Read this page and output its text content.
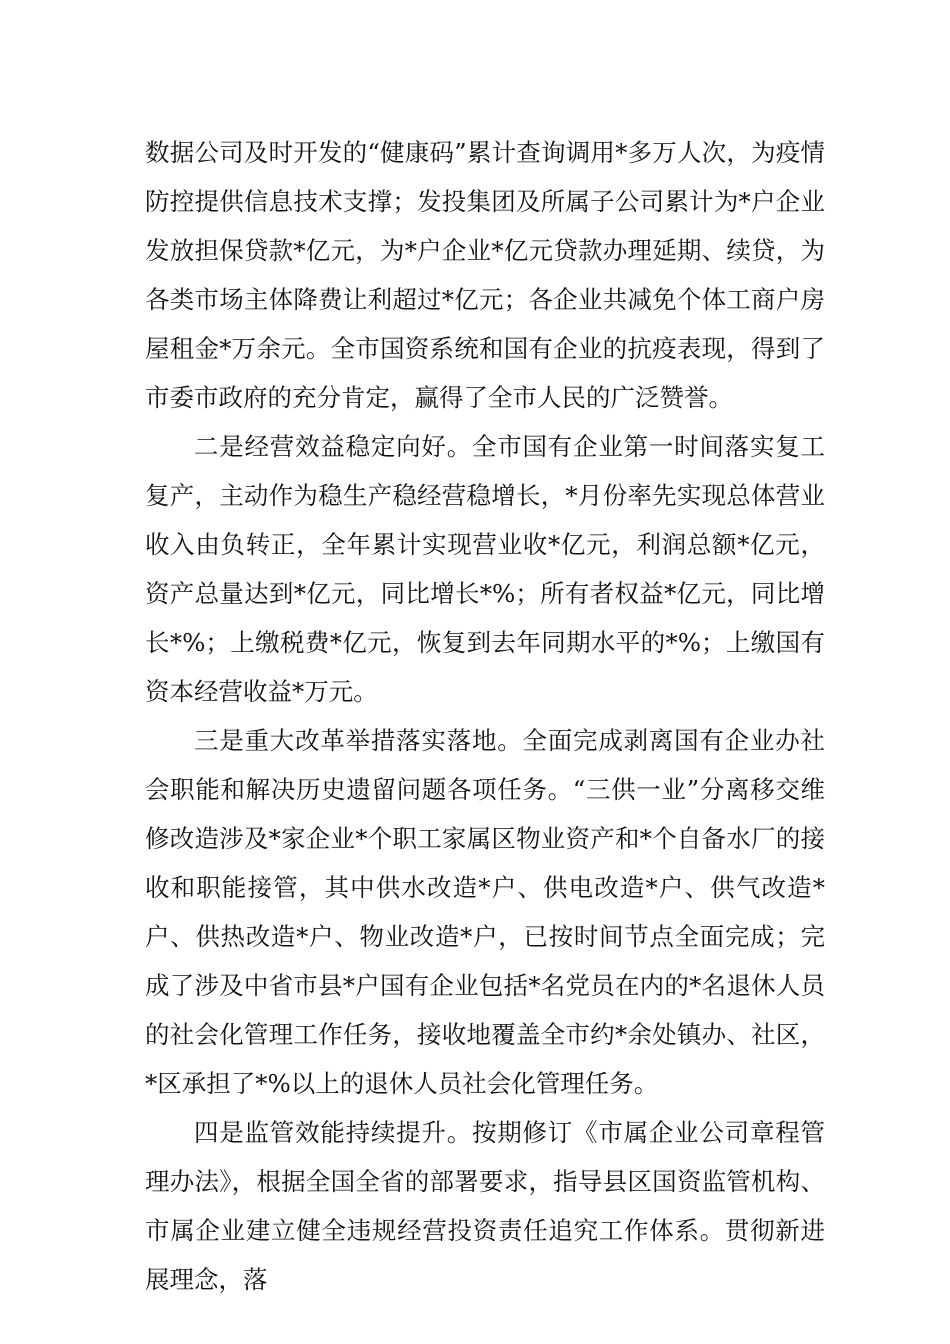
数据公司及时开发的“健康码”累计查询调用*多万人次，为疫情防控提供信息技术支撑；发投集团及所属子公司累计为*户企业发放担保贷款*亿元，为*户企业*亿元贷款办理延期、续贷，为各类市场主体降费让利超过*亿元；各企业共减免个体工商户房屋租金*万余元。全市国资系统和国有企业的抗疫表现，得到了市委市政府的充分肯定，赢得了全市人民的广泛赞誉。

二是经营效益稳定向好。全市国有企业第一时间落实复工复产，主动作为稳生产稳经营稳增长，*月份率先实现总体营业收入由负转正，全年累计实现营业收*亿元，利润总额*亿元，资产总量达到*亿元，同比增长*%；所有者权益*亿元，同比增长*%；上缴税费*亿元，恢复到去年同期水平的*%；上缴国有资本经营收益*万元。

三是重大改革举措落实落地。全面完成剥离国有企业办社会职能和解决历史遗留问题各项任务。“三供一业”分离移交维修改造涉及*家企业*个职工家属区物业资产和*个自备水厂的接收和职能接管，其中供水改造*户、供电改造*户、供气改造*户、供热改造*户、物业改造*户，已按时间节点全面完成；完成了涉及中省市县*户国有企业包括*名党员在内的*名退休人员的社会化管理工作任务，接收地覆盖全市约*余处镇办、社区，*区承担了*%以上的退休人员社会化管理任务。

四是监管效能持续提升。按期修订《市属企业公司章程管理办法》，根据全国全省的部署要求，指导县区国资监管机构、市属企业建立健全违规经营投资责任追究工作体系。贯彻新进展理念，落
